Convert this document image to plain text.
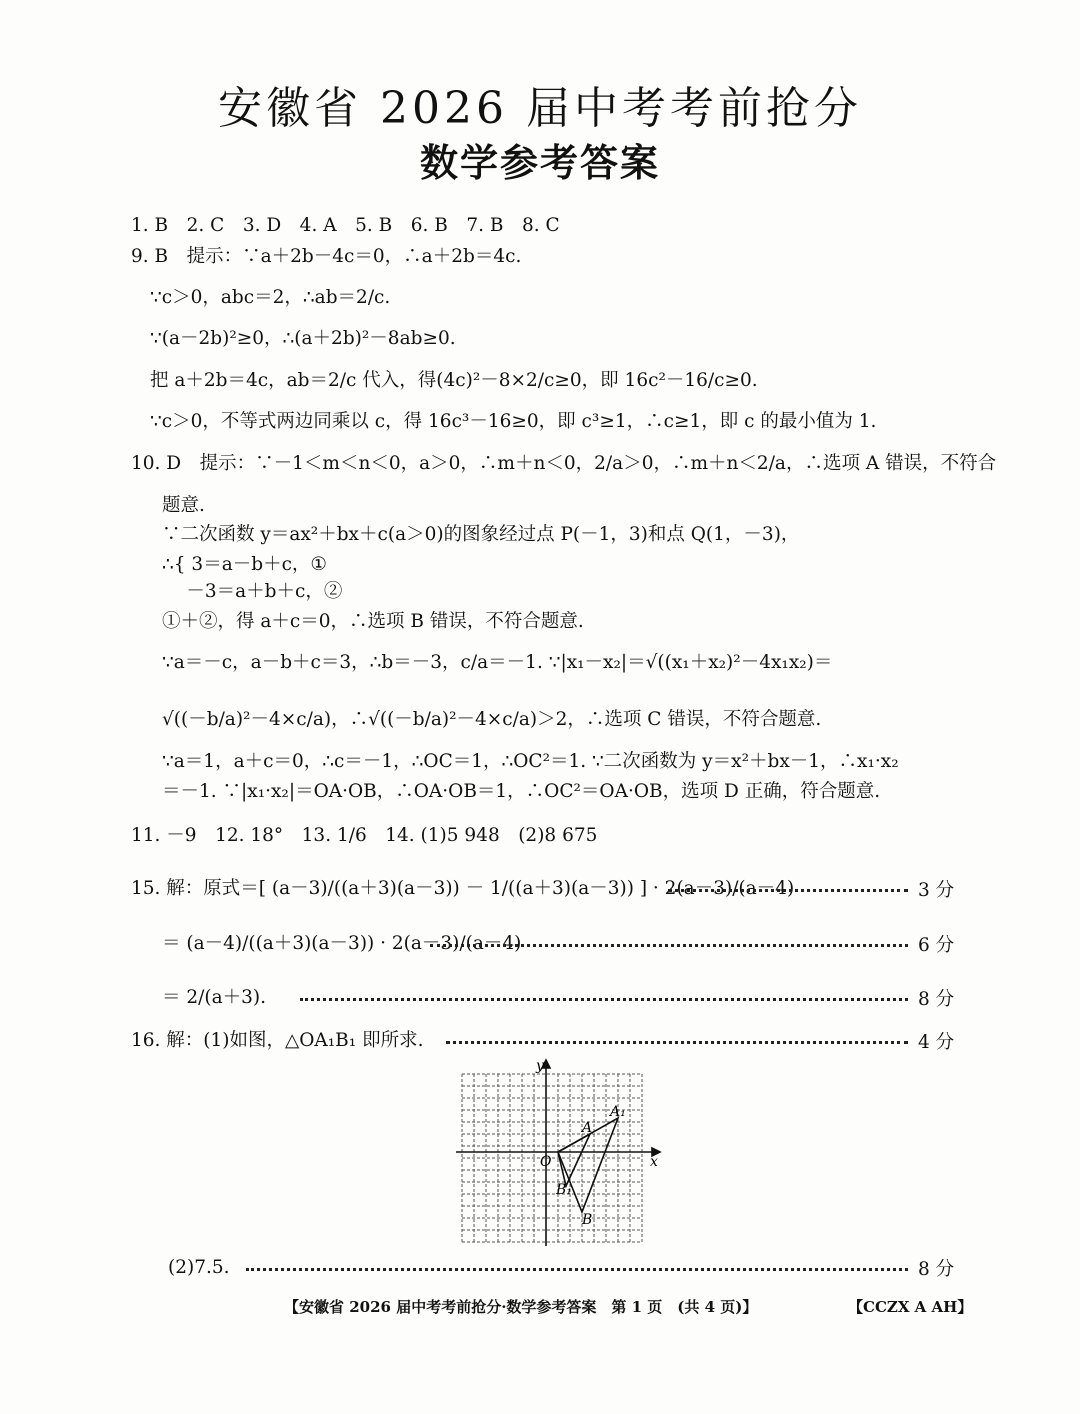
安徽省 2026 届中考考前抢分
数学参考答案
1. B　2. C　3. D　4. A　5. B　6. B　7. B　8. C
9. B　提示：∵a＋2b－4c＝0，∴a＋2b＝4c.
∵c＞0，abc＝2，∴ab＝2/c.
∵(a－2b)²≥0，∴(a＋2b)²－8ab≥0.
把 a＋2b＝4c，ab＝2/c 代入，得(4c)²－8×2/c≥0，即 16c²－16/c≥0.
∵c＞0，不等式两边同乘以 c，得 16c³－16≥0，即 c³≥1，∴c≥1，即 c 的最小值为 1.
10. D　提示：∵－1＜m＜n＜0，a＞0，∴m＋n＜0，2/a＞0，∴m＋n＜2/a，∴选项 A 错误，不符合
题意.
∵二次函数 y＝ax²＋bx＋c(a＞0)的图象经过点 P(－1，3)和点 Q(1，－3)，
∴{ 3＝a－b＋c，①
　 －3＝a＋b＋c，②
①＋②，得 a＋c＝0，∴选项 B 错误，不符合题意.
∵a＝－c，a－b＋c＝3，∴b＝－3，c/a＝－1. ∵|x₁－x₂|＝√((x₁＋x₂)²－4x₁x₂)＝
√((－b/a)²－4×c/a)，∴√((－b/a)²－4×c/a)＞2，∴选项 C 错误，不符合题意.
∵a＝1，a＋c＝0，∴c＝－1，∴OC＝1，∴OC²＝1. ∵二次函数为 y＝x²＋bx－1，∴x₁·x₂
＝－1. ∵|x₁·x₂|＝OA·OB，∴OA·OB＝1，∴OC²＝OA·OB，选项 D 正确，符合题意.
11. －9　12. 18°　13. 1/6　14. (1)5 948　(2)8 675
15. 解：原式＝[ (a－3)/((a＋3)(a－3)) － 1/((a＋3)(a－3)) ] · 2(a－3)/(a－4)	3 分
＝ (a－4)/((a＋3)(a－3)) · 2(a－3)/(a－4)	6 分
＝ 2/(a＋3).	8 分
16. 解：(1)如图，△OA₁B₁ 即所求.	4 分
y
x
O
A
A₁
B₁
B
(2)7.5.	8 分
【安徽省 2026 届中考考前抢分·数学参考答案　第 1 页　(共 4 页)】	【CCZX A AH】
